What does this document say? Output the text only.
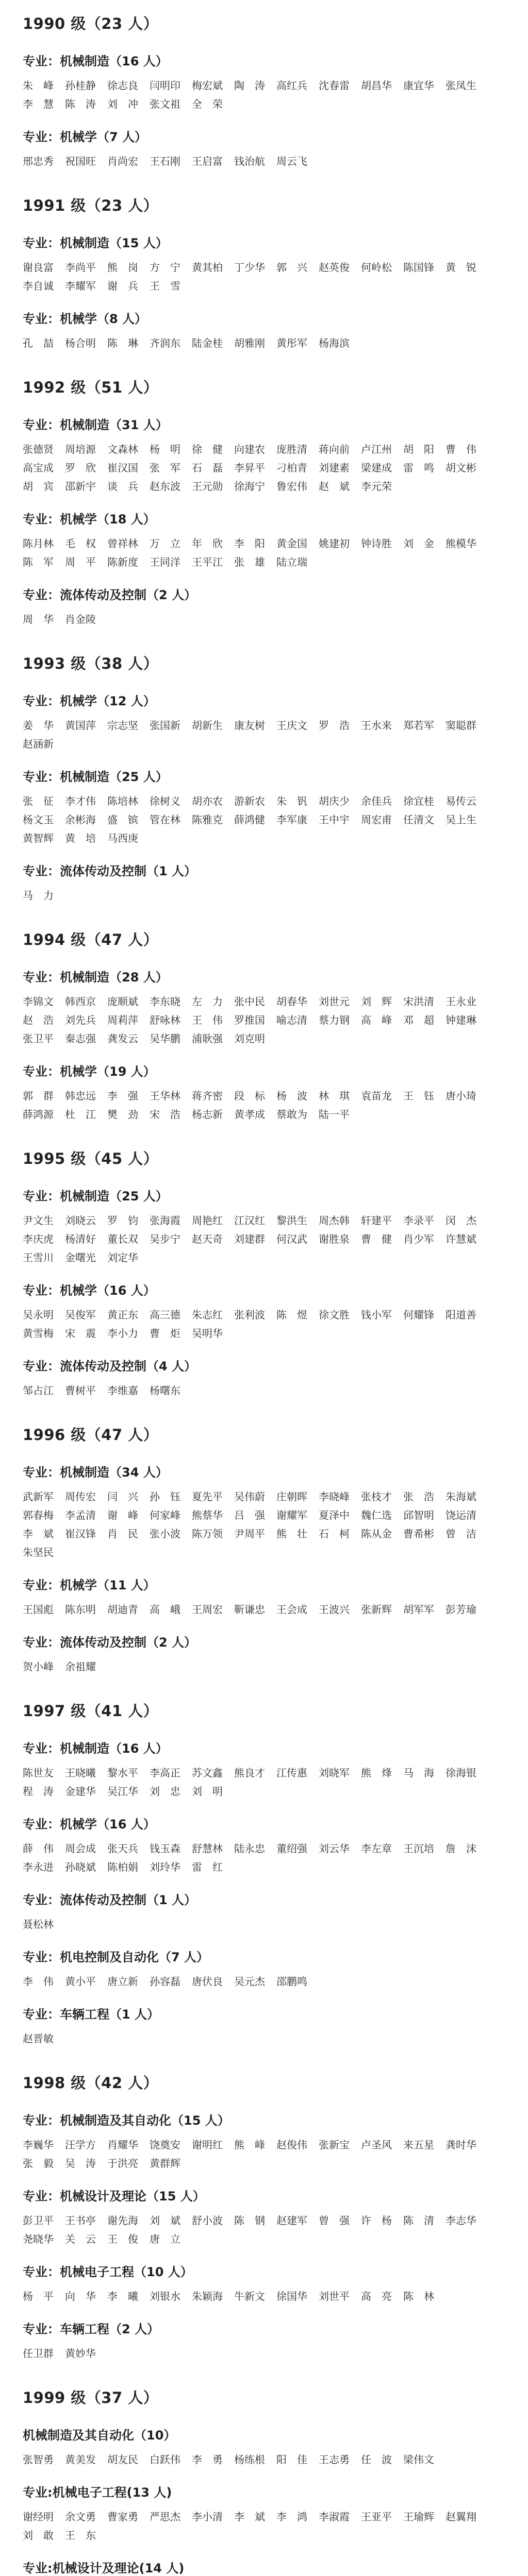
1990 级（23 人）
专业：机械制造（16 人）
朱　峰	孙桂静	徐志良	闫明印	梅宏斌	陶　涛	高红兵	沈春雷	胡昌华	康宜华	张凤生
李　慧	陈　涛	刘　冲	张文祖	全　荣
专业：机械学（7 人）
邢忠秀	祝国旺	肖尚宏	王石刚	王启富	钱治航	周云飞
1991 级（23 人）
专业：机械制造（15 人）
谢良富	李尚平	熊　岗	方　宁	黄其柏	丁少华	郭　兴	赵英俊	何岭松	陈国锋	黄　锐
李自诚	李耀军	谢　兵	王　雪
专业：机械学（8 人）
孔　喆	杨合明	陈　琳	齐润东	陆金桂	胡雅刚	黄彤军	杨海滨
1992 级（51 人）
专业：机械制造（31 人）
张德贤	周培源	文森林	杨　明	徐　健	向建农	庞胜清	蒋向前	卢江州	胡　阳	曹　伟
高宝成	罗　欣	崔汉国	张　军	石　磊	李昇平	刁柏青	刘建素	梁建成	雷　鸣	胡文彬
胡　宾	邵新宇	谈　兵	赵东波	王元勋	徐海宁	鲁宏伟	赵　斌	李元荣
专业：机械学（18 人）
陈月林	毛　权	曾祥林	万　立	年　欣	李　阳	黄金国	姚建初	钟诗胜	刘　金	熊模华
陈　军	周　平	陈新度	王同洋	王平江	张　雄	陆立瑞
专业：流体传动及控制（2 人）
周　华	肖金陵
1993 级（38 人）
专业：机械学（12 人）
姜　华	黄国萍	宗志坚	张国新	胡新生	康友树	王庆文	罗　浩	王水来	郑若军	窦聪群
赵涵新
专业：机械制造（25 人）
张　征	李才伟	陈培林	徐树义	胡亦农	游新农	朱　钒	胡庆少	余佳兵	徐宜桂	易传云
杨文玉	余彬海	盛　镔	管在林	陈雅克	薛鸿健	李军康	王中宇	周宏甫	任清文	吴上生
黄智辉	黄　培	马西庚
专业：流体传动及控制（1 人）
马　力
1994 级（47 人）
专业：机械制造（28 人）
李锦文	韩西京	庞顺斌	李东晓	左　力	张中民	胡春华	刘世元	刘　辉	宋洪清	王永业
赵　浩	刘先兵	周莉萍	舒咏林	王　伟	罗推国	喻志清	蔡力钢	高　峰	邓　超	钟建琳
张卫平	秦志强	龚发云	吴华鹏	浦耿强	刘克明
专业：机械学（19 人）
郭　群	韩忠远	李　强	王华林	蒋齐密	段　标	杨　波	林　琪	袁苗龙	王　钰	唐小琦
薛鸿源	杜　江	樊　劲	宋　浩	杨志新	黄孝成	蔡敢为	陆一平
1995 级（45 人）
专业：机械制造（25 人）
尹文生	刘晓云	罗　钧	张海霞	周艳红	江汉红	黎洪生	周杰韩	轩建平	李录平	闵　杰
李庆虎	杨清好	董长双	吴步宁	赵天奇	刘建群	何汉武	谢胜泉	曹　健	肖少军	许慧斌
王雪川	金曙光	刘定华
专业：机械学（16 人）
吴永明	吴俊军	黄正东	高三德	朱志红	张利波	陈　煜	徐文胜	钱小军	何耀锋	阳道善
黄雪梅	宋　震	李小力	曹　炬	吴明华
专业：流体传动及控制（4 人）
邹占江	曹树平	李维嘉	杨曙东
1996 级（47 人）
专业：机械制造（34 人）
武新军	周传宏	闫　兴	孙　钰	夏先平	吴伟蔚	庄朝晖	李晓峰	张枝才	张　浩	朱海斌
郭春梅	李孟清	谢　峰	何家峰	熊蔡华	吕　强	谢耀军	夏泽中	魏仁选	邱智明	饶运清
李　斌	崔汉锋	肖　民	张小波	陈万领	尹周平	熊　壮	石　柯	陈从金	曹希彬	曾　洁
朱坚民
专业：机械学（11 人）
王国彪	陈东明	胡迪青	高　峨	王周宏	靳谦忠	王会成	王波兴	张新辉	胡军军	彭芳瑜
专业：流体传动及控制（2 人）
贺小峰	余祖耀
1997 级（41 人）
专业：机械制造（16 人）
陈世友	王晓曦	黎水平	李高正	苏文鑫	熊良才	江传惠	刘晓军	熊　烽	马　海	徐海银
程　涛	金建华	吴江华	刘　忠	刘　明
专业：机械学（16 人）
薛　伟	周会成	张天兵	钱玉森	舒慧林	陆永忠	董绍强	刘云华	李左章	王沉培	詹　沫
李永进	孙晓斌	陈柏娟	刘玲华	雷　红
专业：流体传动及控制（1 人）
聂松林
专业：机电控制及自动化（7 人）
李　伟	黄小平	唐立新	孙容磊	唐伏良	吴元杰	邵鹏鸣
专业：车辆工程（1 人）
赵晋敏
1998 级（42 人）
专业：机械制造及其自动化（15 人）
李巍华	汪学方	肖耀华	饶奠安	谢明红	熊　峰	赵俊伟	张新宝	卢圣风	来五星	龚时华
张　毅	吴　涛	于洪亮	黄群辉
专业：机械设计及理论（15 人）
彭卫平	王书亭	谢先海	刘　斌	舒小波	陈　钢	赵建军	曾　强	许　杨	陈　清	李志华
尧晓华	关　云	王　俊	唐　立
专业：机械电子工程（10 人）
杨　平	向　华	李　曦	刘银水	朱颖海	牛新文	徐国华	刘世平	高　亮	陈　林
专业：车辆工程（2 人）
任卫群	黄妙华
1999 级（37 人）
机械制造及其自动化（10）
张智勇	黄美发	胡友民	白跃伟	李　勇	杨练根	阳　佳	王志勇	任　波	梁伟文
专业:机械电子工程(13 人)
谢经明	余文勇	曹家勇	严思杰	李小清	李　斌	李　鸿	李淑霞	王亚平	王瑜辉	赵翼翔
刘　敢	王　东
专业:机械设计及理论(14 人)
